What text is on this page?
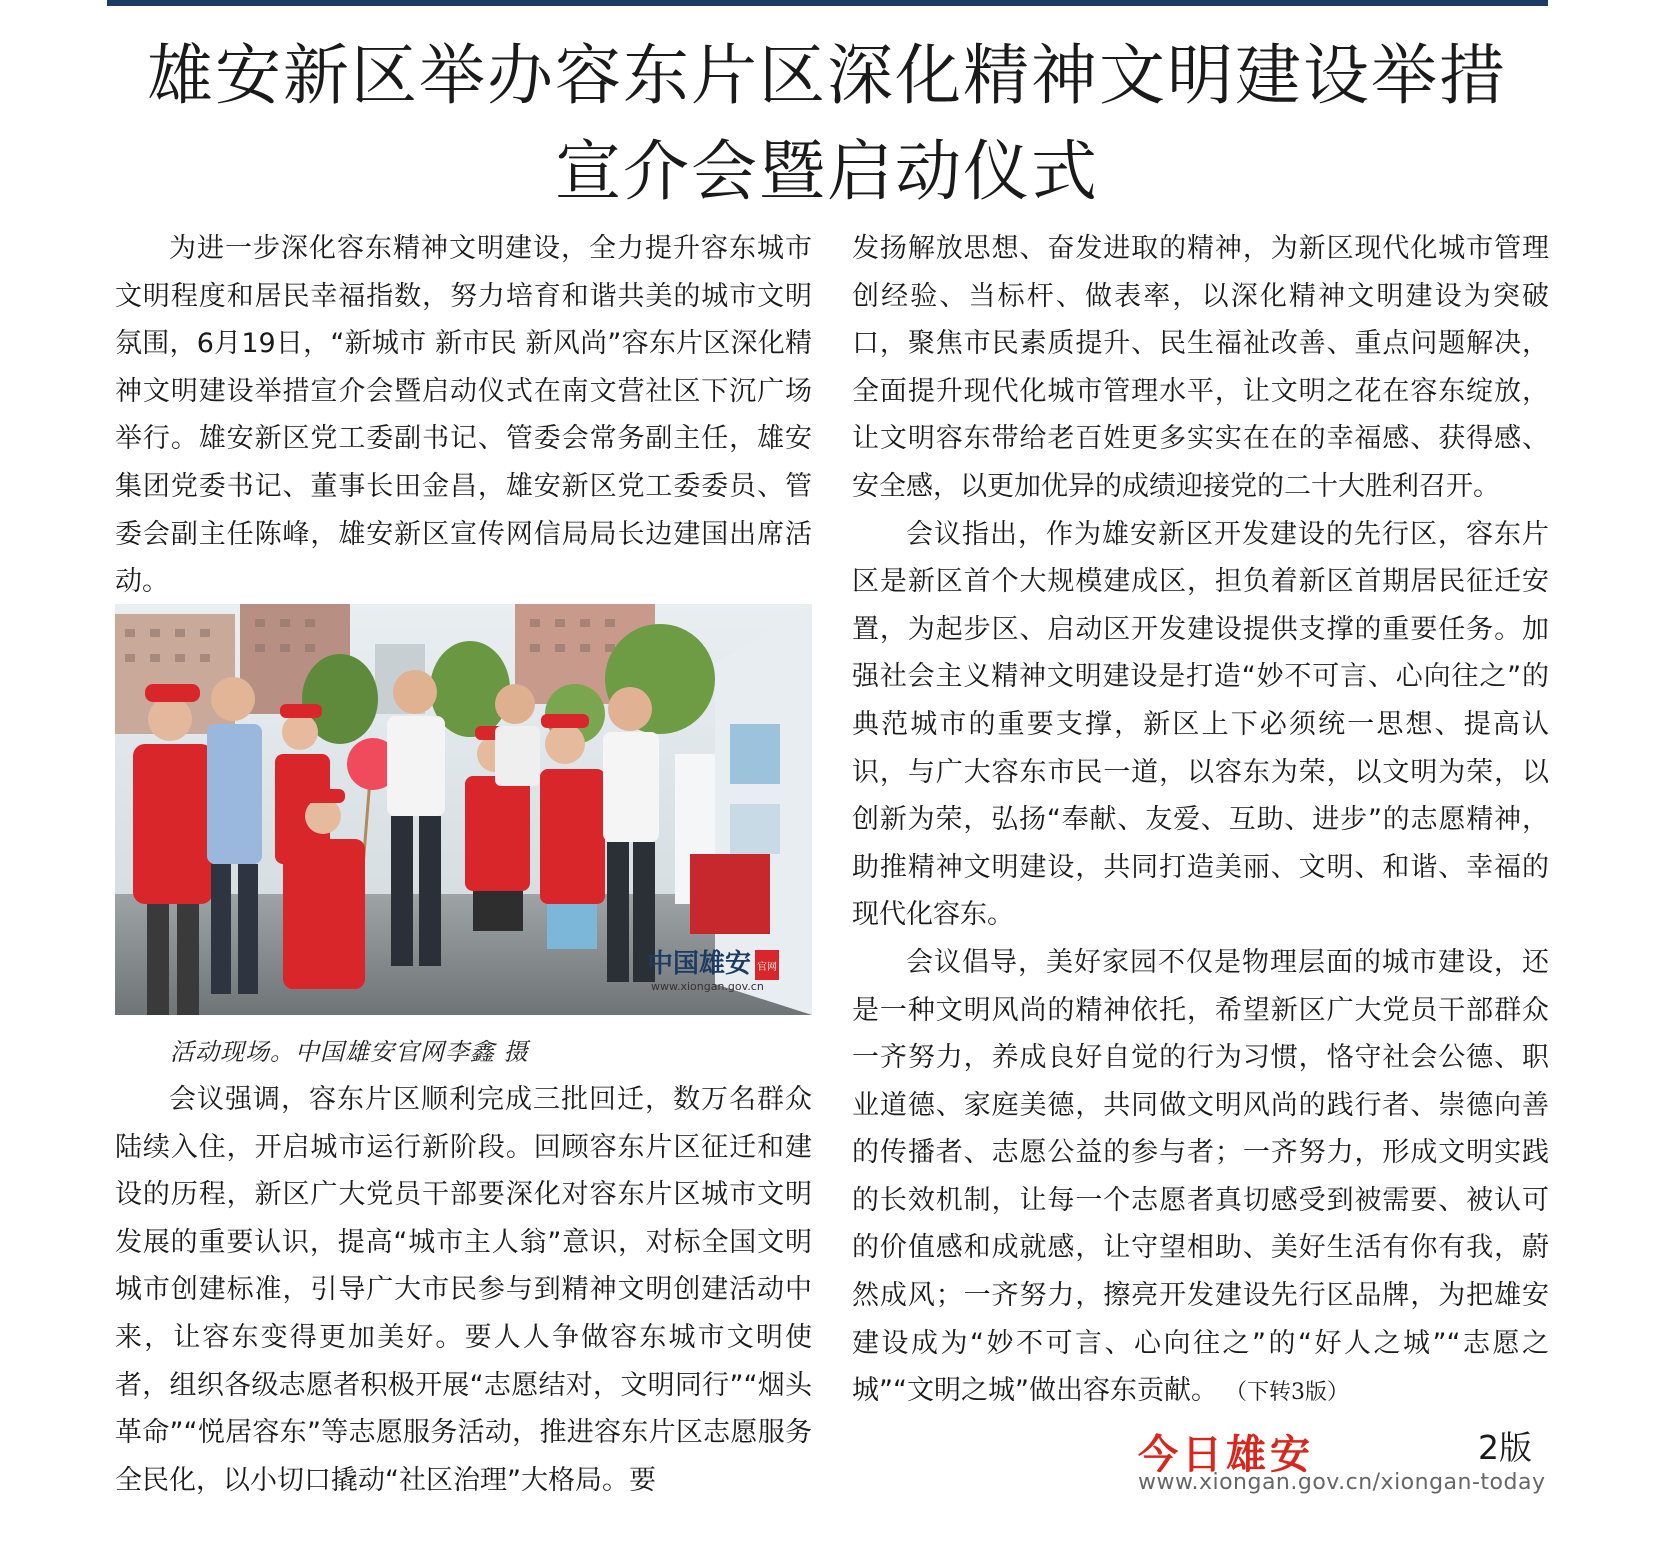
雄安新区举办容东片区深化精神文明建设举措
宣介会暨启动仪式

为进一步深化容东精神文明建设，全力提升容东城市文明程度和居民幸福指数，努力培育和谐共美的城市文明氛围，6月19日，“新城市 新市民 新风尚”容东片区深化精神文明建设举措宣介会暨启动仪式在南文营社区下沉广场举行。雄安新区党工委副书记、管委会常务副主任，雄安集团党委书记、董事长田金昌，雄安新区党工委委员、管委会副主任陈峰，雄安新区宣传网信局局长边建国出席活动。

中国雄安 官网
www.xiongan.gov.cn
活动现场。中国雄安官网李鑫 摄

会议强调，容东片区顺利完成三批回迁，数万名群众陆续入住，开启城市运行新阶段。回顾容东片区征迁和建设的历程，新区广大党员干部要深化对容东片区城市文明发展的重要认识，提高“城市主人翁”意识，对标全国文明城市创建标准，引导广大市民参与到精神文明创建活动中来，让容东变得更加美好。要人人争做容东城市文明使者，组织各级志愿者积极开展“志愿结对，文明同行”“烟头革命”“悦居容东”等志愿服务活动，推进容东片区志愿服务全民化，以小切口撬动“社区治理”大格局。要

发扬解放思想、奋发进取的精神，为新区现代化城市管理创经验、当标杆、做表率，以深化精神文明建设为突破口，聚焦市民素质提升、民生福祉改善、重点问题解决，全面提升现代化城市管理水平，让文明之花在容东绽放，让文明容东带给老百姓更多实实在在的幸福感、获得感、安全感，以更加优异的成绩迎接党的二十大胜利召开。

会议指出，作为雄安新区开发建设的先行区，容东片区是新区首个大规模建成区，担负着新区首期居民征迁安置，为起步区、启动区开发建设提供支撑的重要任务。加强社会主义精神文明建设是打造“妙不可言、心向往之”的典范城市的重要支撑，新区上下必须统一思想、提高认识，与广大容东市民一道，以容东为荣，以文明为荣，以创新为荣，弘扬“奉献、友爱、互助、进步”的志愿精神，助推精神文明建设，共同打造美丽、文明、和谐、幸福的现代化容东。

会议倡导，美好家园不仅是物理层面的城市建设，还是一种文明风尚的精神依托，希望新区广大党员干部群众一齐努力，养成良好自觉的行为习惯，恪守社会公德、职业道德、家庭美德，共同做文明风尚的践行者、崇德向善的传播者、志愿公益的参与者；一齐努力，形成文明实践的长效机制，让每一个志愿者真切感受到被需要、被认可的价值感和成就感，让守望相助、美好生活有你有我，蔚然成风；一齐努力，擦亮开发建设先行区品牌，为把雄安建设成为“妙不可言、心向往之”的“好人之城”“志愿之城”“文明之城”做出容东贡献。 （下转3版）

今日雄安	2版
www.xiongan.gov.cn/xiongan-today
